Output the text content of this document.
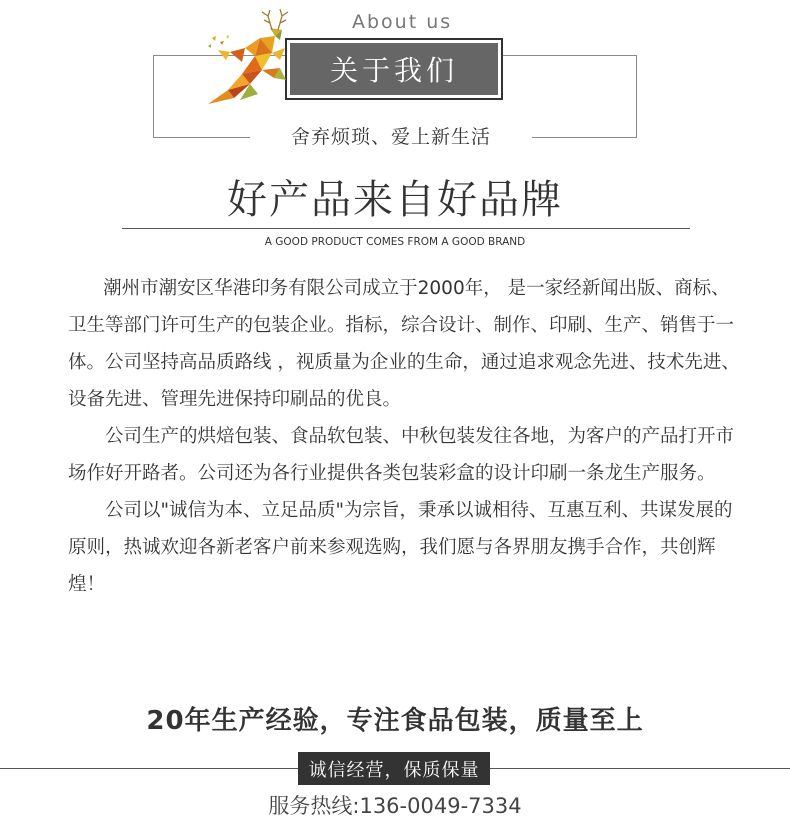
About us
关于我们
舍弃烦琐、爱上新生活
好产品来自好品牌
A GOOD PRODUCT COMES FROM A GOOD BRAND

潮州市潮安区华港印务有限公司成立于2000年， 是一家经新闻出版、商标、卫生等部门许可生产的包装企业。指标，综合设计、制作、印刷、生产、销售于一体。公司坚持高品质路线 ，视质量为企业的生命，通过追求观念先进、技术先进、设备先进、管理先进保持印刷品的优良。

公司生产的烘焙包装、食品软包装、中秋包装发往各地，为客户的产品打开市场作好开路者。公司还为各行业提供各类包装彩盒的设计印刷一条龙生产服务。

公司以"诚信为本、立足品质"为宗旨，秉承以诚相待、互惠互利、共谋发展的原则，热诚欢迎各新老客户前来参观选购，我们愿与各界朋友携手合作，共创辉煌！

20年生产经验，专注食品包装，质量至上
诚信经营，保质保量
服务热线:136-0049-7334
